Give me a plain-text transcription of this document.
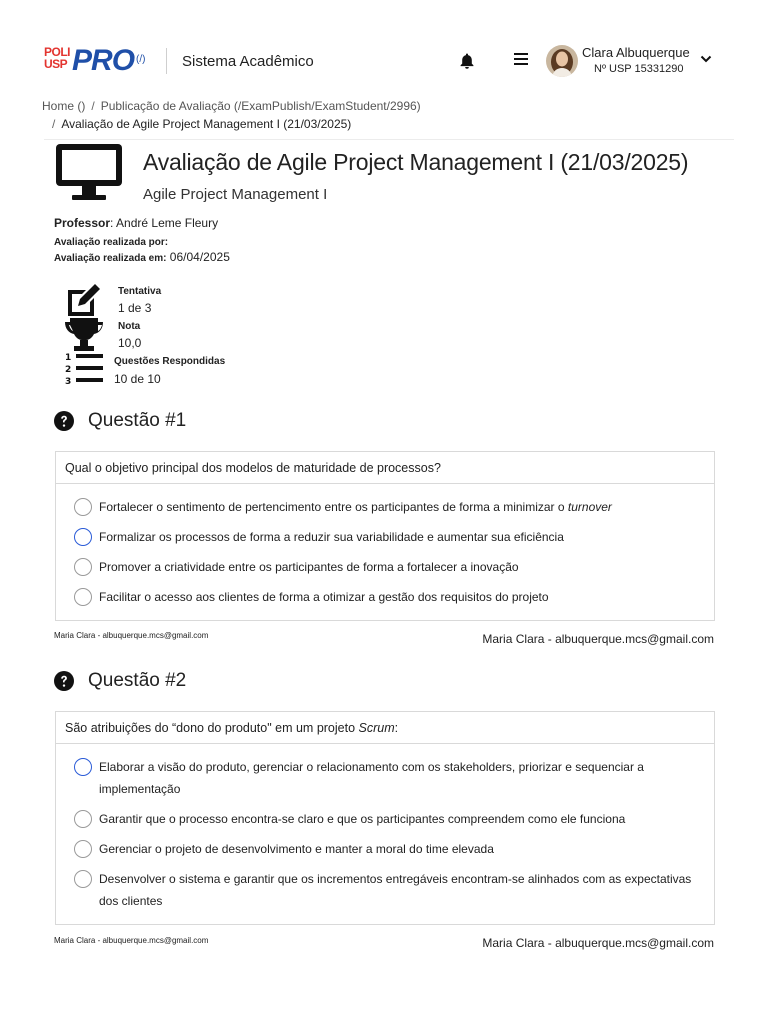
POLI
USP PRO (/) Sistema Acadêmico
Clara Albuquerque
Nº USP 15331290
Home () / Publicação de Avaliação (/ExamPublish/ExamStudent/2996)
/ Avaliação de Agile Project Management I (21/03/2025)
Avaliação de Agile Project Management I (21/03/2025)
Agile Project Management I
Professor: André Leme Fleury
Avaliação realizada por:
Avaliação realizada em: 06/04/2025
Tentativa
1 de 3
Nota
10,0
1
2
3
Questões Respondidas
10 de 10
Questão #1
Qual o objetivo principal dos modelos de maturidade de processos?
Fortalecer o sentimento de pertencimento entre os participantes de forma a minimizar o turnover
Formalizar os processos de forma a reduzir sua variabilidade e aumentar sua eficiência
Promover a criatividade entre os participantes de forma a fortalecer a inovação
Facilitar o acesso aos clientes de forma a otimizar a gestão dos requisitos do projeto
Maria Clara - albuquerque.mcs@gmail.com	Maria Clara - albuquerque.mcs@gmail.com
Questão #2
São atribuições do “dono do produto" em um projeto
Scrum :
Elaborar a visão do produto, gerenciar o relacionamento com os stakeholders, priorizar e sequenciar a implementação
Garantir que o processo encontra-se claro e que os participantes compreendem como ele funciona
Gerenciar o projeto de desenvolvimento e manter a moral do time elevada
Desenvolver o sistema e garantir que os incrementos entregáveis encontram-se alinhados com as expectativas dos clientes
Maria Clara - albuquerque.mcs@gmail.com	Maria Clara - albuquerque.mcs@gmail.com
